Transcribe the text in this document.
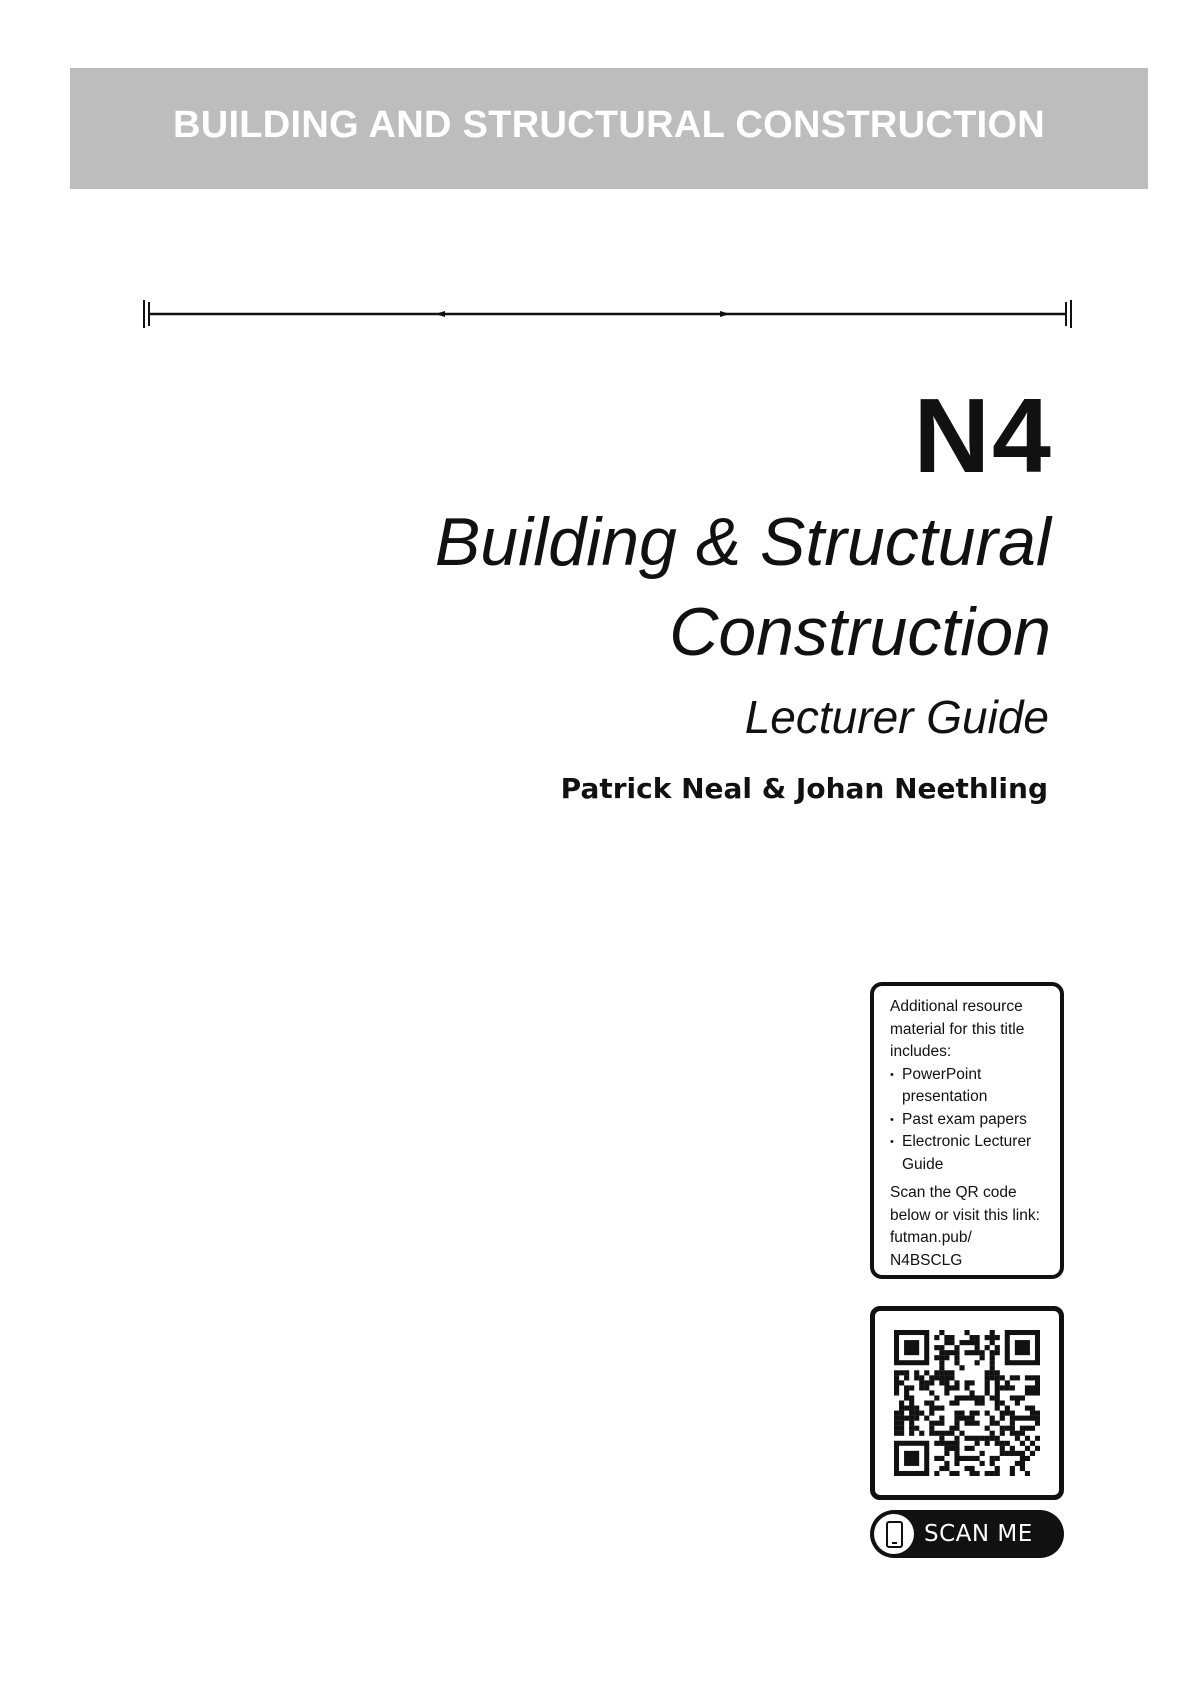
BUILDING AND STRUCTURAL CONSTRUCTION
N4
Building & Structural
Construction
Lecturer Guide
Patrick Neal & Johan Neethling

Additional resource material for this title includes:

• PowerPoint presentation
• Past exam papers
• Electronic Lecturer Guide

Scan the QR code below or visit this link: futman.pub/ N4BSCLG

SCAN ME
